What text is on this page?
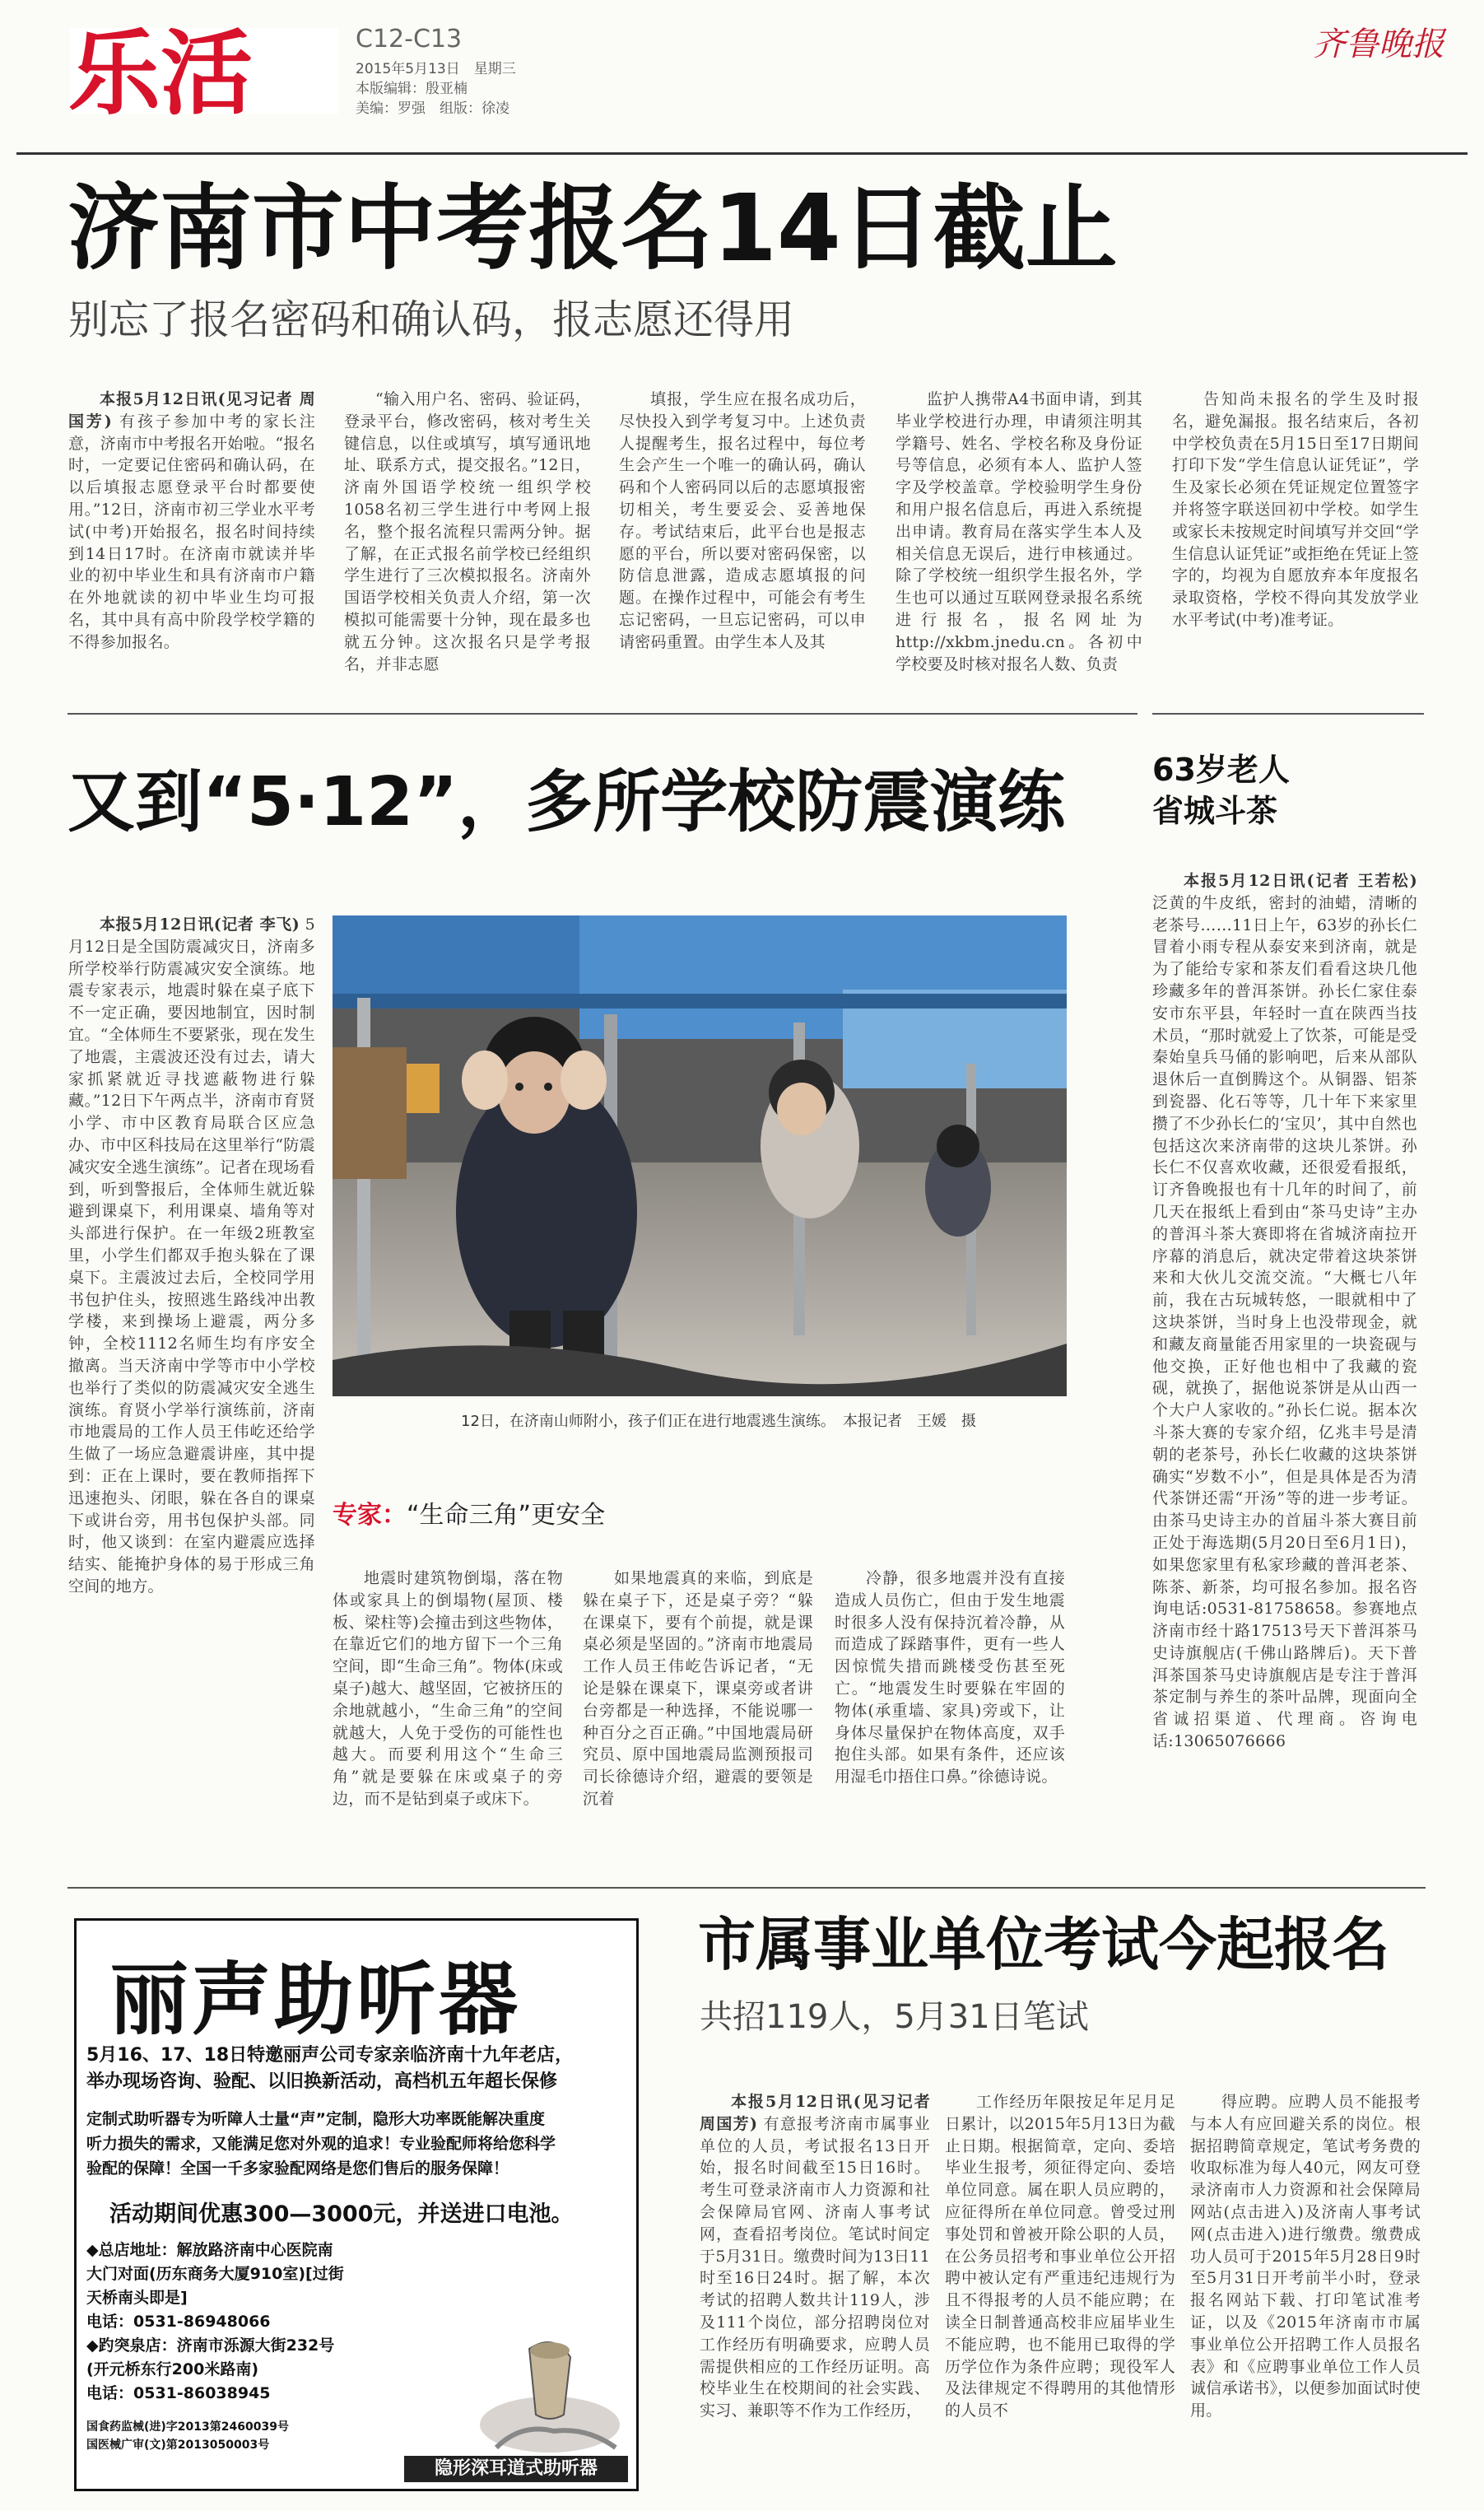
乐活	C12-C13
2015年5月13日　星期三
本版编辑：殷亚楠
美编：罗强　组版：徐凌
齐鲁晚报
济南市中考报名14日截止
别忘了报名密码和确认码，报志愿还得用

本报5月12日讯(见习记者 周国芳) 有孩子参加中考的家长注意，济南市中考报名开始啦。“报名时，一定要记住密码和确认码，在以后填报志愿登录平台时都要使用。”12日，济南市初三学业水平考试(中考)开始报名，报名时间持续到14日17时。在济南市就读并毕业的初中毕业生和具有济南市户籍在外地就读的初中毕业生均可报名，其中具有高中阶段学校学籍的不得参加报名。

“输入用户名、密码、验证码，登录平台，修改密码，核对考生关键信息，以住或填写，填写通讯地址、联系方式，提交报名。”12日，济南外国语学校统一组织学校1058名初三学生进行中考网上报名，整个报名流程只需两分钟。据了解，在正式报名前学校已经组织学生进行了三次模拟报名。济南外国语学校相关负责人介绍，第一次模拟可能需要十分钟，现在最多也就五分钟。这次报名只是学考报名，并非志愿

填报，学生应在报名成功后，尽快投入到学考复习中。上述负责人提醒考生，报名过程中，每位考生会产生一个唯一的确认码，确认码和个人密码同以后的志愿填报密切相关，考生要妥会、妥善地保存。考试结束后，此平台也是报志愿的平台，所以要对密码保密，以防信息泄露，造成志愿填报的问题。在操作过程中，可能会有考生忘记密码，一旦忘记密码，可以申请密码重置。由学生本人及其

监护人携带A4书面申请，到其毕业学校进行办理，申请须注明其学籍号、姓名、学校名称及身份证号等信息，必须有本人、监护人签字及学校盖章。学校验明学生身份和用户报名信息后，再进入系统提出申请。教育局在落实学生本人及相关信息无误后，进行申核通过。除了学校统一组织学生报名外，学生也可以通过互联网登录报名系统进行报名，报名网址为http://xkbm.jnedu.cn。各初中学校要及时核对报名人数、负责

告知尚未报名的学生及时报名，避免漏报。报名结束后，各初中学校负责在5月15日至17日期间打印下发“学生信息认证凭证”，学生及家长必须在凭证规定位置签字并将签字联送回初中学校。如学生或家长未按规定时间填写并交回“学生信息认证凭证”或拒绝在凭证上签字的，均视为自愿放弃本年度报名录取资格，学校不得向其发放学业水平考试(中考)准考证。

又到“5·12”，多所学校防震演练

本报5月12日讯(记者 李飞) 5月12日是全国防震减灾日，济南多所学校举行防震减灾安全演练。地震专家表示，地震时躲在桌子底下不一定正确，要因地制宜，因时制宜。“全体师生不要紧张，现在发生了地震，主震波还没有过去，请大家抓紧就近寻找遮蔽物进行躲藏。”12日下午两点半，济南市育贤小学、市中区教育局联合区应急办、市中区科技局在这里举行“防震减灾安全逃生演练”。记者在现场看到，听到警报后，全体师生就近躲避到课桌下，利用课桌、墙角等对头部进行保护。在一年级2班教室里，小学生们都双手抱头躲在了课桌下。主震波过去后，全校同学用书包护住头，按照逃生路线冲出教学楼，来到操场上避震，两分多钟，全校1112名师生均有序安全撤离。当天济南中学等市中小学校也举行了类似的防震减灾安全逃生演练。育贤小学举行演练前，济南市地震局的工作人员王伟屹还给学生做了一场应急避震讲座，其中提到：正在上课时，要在教师指挥下迅速抱头、闭眼，躲在各自的课桌下或讲台旁，用书包保护头部。同时，他又谈到：在室内避震应选择结实、能掩护身体的易于形成三角空间的地方。

12日，在济南山师附小，孩子们正在进行地震逃生演练。　本报记者　王媛　摄
专家：“生命三角”更安全

地震时建筑物倒塌，落在物体或家具上的倒塌物(屋顶、楼板、梁柱等)会撞击到这些物体，在靠近它们的地方留下一个三角空间，即“生命三角”。物体(床或桌子)越大、越坚固，它被挤压的余地就越小，“生命三角”的空间就越大，人免于受伤的可能性也越大。而要利用这个“生命三角”就是要躲在床或桌子的旁边，而不是钻到桌子或床下。

如果地震真的来临，到底是躲在桌子下，还是桌子旁？“躲在课桌下，要有个前提，就是课桌必须是坚固的。”济南市地震局工作人员王伟屹告诉记者，“无论是躲在课桌下，课桌旁或者讲台旁都是一种选择，不能说哪一种百分之百正确。”中国地震局研究员、原中国地震局监测预报司司长徐德诗介绍，避震的要领是沉着

冷静，很多地震并没有直接造成人员伤亡，但由于发生地震时很多人没有保持沉着冷静，从而造成了踩踏事件，更有一些人因惊慌失措而跳楼受伤甚至死亡。“地震发生时要躲在牢固的物体(承重墙、家具)旁或下，让身体尽量保护在物体高度，双手抱住头部。如果有条件，还应该用湿毛巾捂住口鼻。”徐德诗说。

63岁老人
省城斗茶

本报5月12日讯(记者 王若松) 泛黄的牛皮纸，密封的油蜡，清晰的老茶号……11日上午，63岁的孙长仁冒着小雨专程从泰安来到济南，就是为了能给专家和茶友们看看这块几他珍藏多年的普洱茶饼。孙长仁家住泰安市东平县，年轻时一直在陕西当技术员，“那时就爱上了饮茶，可能是受秦始皇兵马俑的影响吧，后来从部队退休后一直倒腾这个。从铜器、铝茶到瓷器、化石等等，几十年下来家里攒了不少孙长仁的‘宝贝’，其中自然也包括这次来济南带的这块儿茶饼。孙长仁不仅喜欢收藏，还很爱看报纸，订齐鲁晚报也有十几年的时间了，前几天在报纸上看到由“茶马史诗”主办的普洱斗茶大赛即将在省城济南拉开序幕的消息后，就决定带着这块茶饼来和大伙儿交流交流。“大概七八年前，我在古玩城转悠，一眼就相中了这块茶饼，当时身上也没带现金，就和藏友商量能否用家里的一块瓷砚与他交换，正好他也相中了我藏的瓷砚，就换了，据他说茶饼是从山西一个大户人家收的。”孙长仁说。据本次斗茶大赛的专家介绍，亿兆丰号是清朝的老茶号，孙长仁收藏的这块茶饼确实“岁数不小”，但是具体是否为清代茶饼还需“开汤”等的进一步考证。由茶马史诗主办的首届斗茶大赛目前正处于海选期(5月20日至6月1日)，如果您家里有私家珍藏的普洱老茶、陈茶、新茶，均可报名参加。报名咨询电话:0531-81758658。参赛地点济南市经十路17513号天下普洱茶马史诗旗舰店(千佛山路牌后)。天下普洱茶国茶马史诗旗舰店是专注于普洱茶定制与养生的茶叶品牌，现面向全省诚招渠道、代理商。咨询电话:13065076666

丽声助听器
5月16、17、18日特邀丽声公司专家亲临济南十九年老店，
举办现场咨询、验配、以旧换新活动，高档机五年超长保修
定制式助听器专为听障人士量“声”定制，隐形大功率既能解决重度
听力损失的需求，又能满足您对外观的追求！专业验配师将给您科学
验配的保障！全国一千多家验配网络是您们售后的服务保障！
活动期间优惠300—3000元，并送进口电池。
◆总店地址：解放路济南中心医院南
大门对面(历东商务大厦910室)[过街
天桥南头即是]
电话：0531-86948066
◆趵突泉店：济南市泺源大街232号
(开元桥东行200米路南)
电话：0531-86038945
国食药监械(进)字2013第2460039号
国医械广审(文)第2013050003号
隐形深耳道式助听器
市属事业单位考试今起报名
共招119人，5月31日笔试

本报5月12日讯(见习记者 周国芳) 有意报考济南市属事业单位的人员，考试报名13日开始，报名时间截至15日16时。考生可登录济南市人力资源和社会保障局官网、济南人事考试网，查看招考岗位。笔试时间定于5月31日。缴费时间为13日11时至16日24时。据了解，本次考试的招聘人数共计119人，涉及111个岗位，部分招聘岗位对工作经历有明确要求，应聘人员需提供相应的工作经历证明。高校毕业生在校期间的社会实践、实习、兼职等不作为工作经历，

工作经历年限按足年足月足日累计，以2015年5月13日为截止日期。根据简章，定向、委培毕业生报考，须征得定向、委培单位同意。属在职人员应聘的，应征得所在单位同意。曾受过刑事处罚和曾被开除公职的人员，在公务员招考和事业单位公开招聘中被认定有严重违纪违规行为且不得报考的人员不能应聘；在读全日制普通高校非应届毕业生不能应聘，也不能用已取得的学历学位作为条件应聘；现役军人及法律规定不得聘用的其他情形的人员不

得应聘。应聘人员不能报考与本人有应回避关系的岗位。根据招聘简章规定，笔试考务费的收取标准为每人40元，网友可登录济南市人力资源和社会保障局网站(点击进入)及济南人事考试网(点击进入)进行缴费。缴费成功人员可于2015年5月28日9时至5月31日开考前半小时，登录报名网站下载、打印笔试准考证，以及《2015年济南市市属事业单位公开招聘工作人员报名表》和《应聘事业单位工作人员诚信承诺书》，以便参加面试时使用。
